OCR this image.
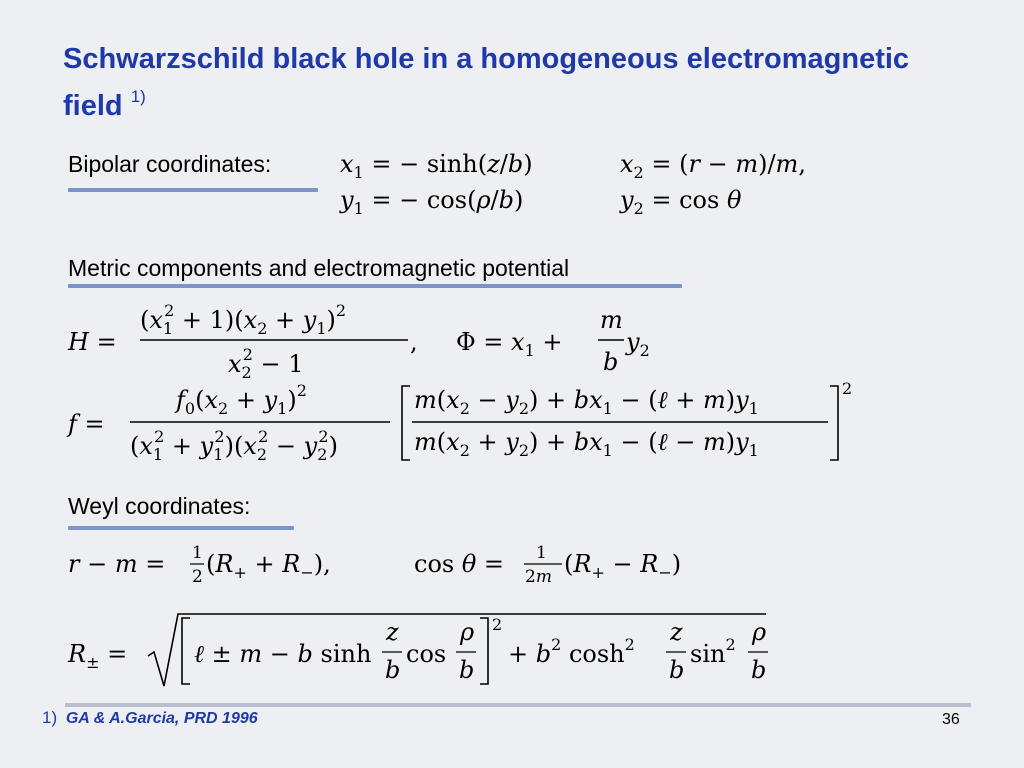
Schwarzschild black hole in a homogeneous electromagnetic field $^{1)}$
Bipolar coordinates:	$x_1$ = − sinh(z/b)	$x_2 = (r - m)/m$,
$y_1$ = − cos(ρ/b)	$y_2 = \cos \theta$
Metric components and electromagnetic potential
H =
$(x_12 + 1)(x_2 + y_1)^2$
$x_22 - 1$
, $\Phi = x_1$ +
m
b
$y_2$
f =
$f_0(x_2 + y_1)^2$
$(x_12 + y_12)(x_22 - y_22)$
$m(x_2 - y_2) + bx_1$ − (ℓ + $m)y_1$
$m(x_2 + y_2) + bx_1$ − (ℓ − $m)y_1$
2
Weyl coordinates:
r − m = 1
2 $(R_+ + R_-)$,	cos θ = 1
2m $(R_+ - R_-)$
$R_\pm$ =	ℓ ± m − b sinh
z
b
cos
ρ
b
2
+ $b^2$ $\cosh^2 z$
b
$\sin^2 \rho$
b
1) GA & A.Garcia, PRD 1996	36
